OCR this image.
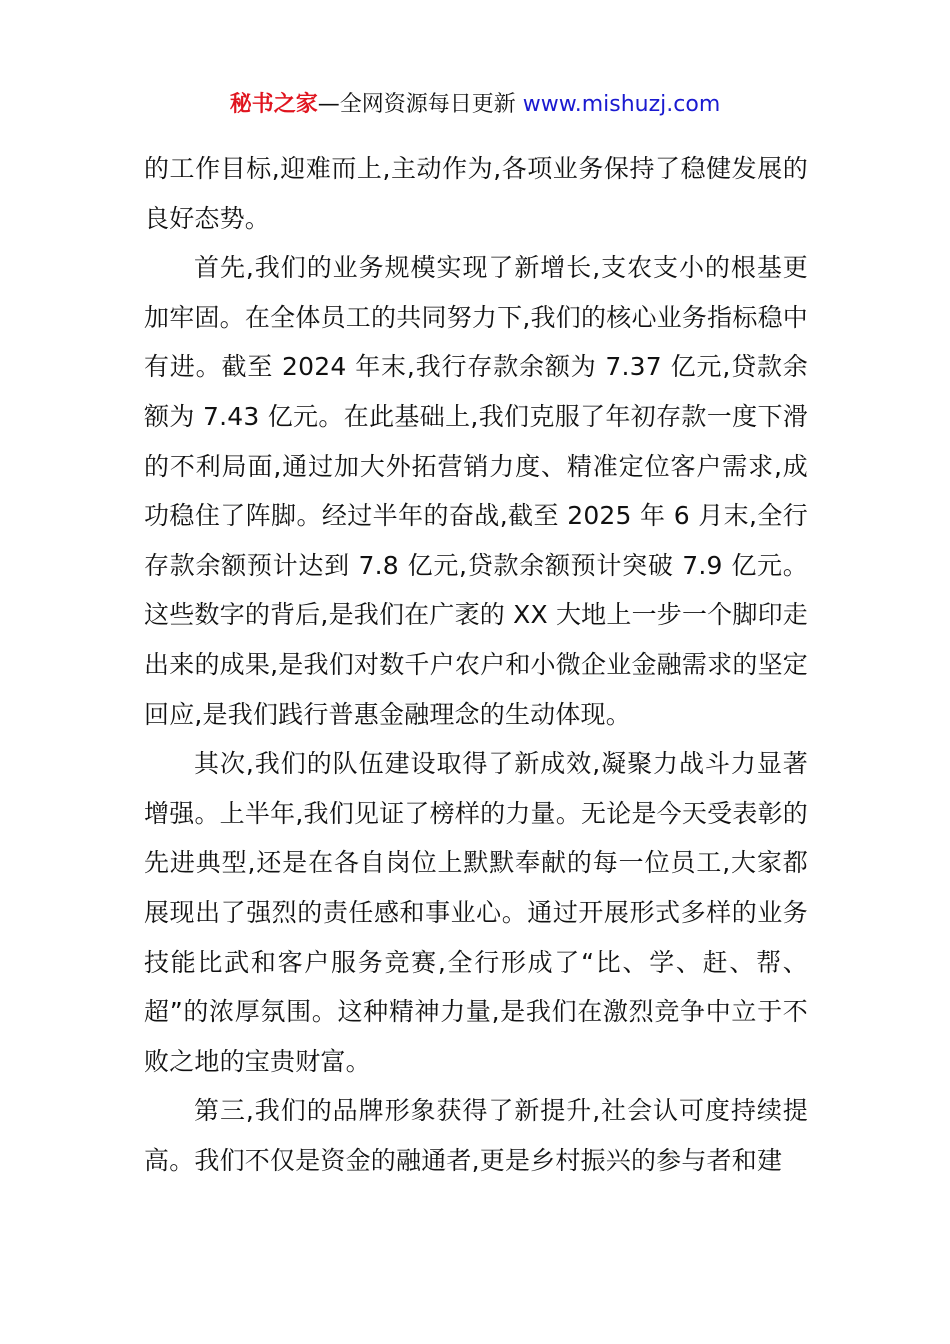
秘书之家—全网资源每日更新 www.mishuzj.com

的工作目标,迎难而上,主动作为,各项业务保持了稳健发展的良好态势。

首先,我们的业务规模实现了新增长,支农支小的根基更加牢固。在全体员工的共同努力下,我们的核心业务指标稳中有进。截至 2024 年末,我行存款余额为 7.37 亿元,贷款余额为 7.43 亿元。在此基础上,我们克服了年初存款一度下滑的不利局面,通过加大外拓营销力度、精准定位客户需求,成功稳住了阵脚。经过半年的奋战,截至 2025 年 6 月末,全行存款余额预计达到 7.8 亿元,贷款余额预计突破 7.9 亿元。这些数字的背后,是我们在广袤的 XX 大地上一步一个脚印走出来的成果,是我们对数千户农户和小微企业金融需求的坚定回应,是我们践行普惠金融理念的生动体现。

其次,我们的队伍建设取得了新成效,凝聚力战斗力显著增强。上半年,我们见证了榜样的力量。无论是今天受表彰的先进典型,还是在各自岗位上默默奉献的每一位员工,大家都展现出了强烈的责任感和事业心。通过开展形式多样的业务技能比武和客户服务竞赛,全行形成了“比、学、赶、帮、超”的浓厚氛围。这种精神力量,是我们在激烈竞争中立于不败之地的宝贵财富。

第三,我们的品牌形象获得了新提升,社会认可度持续提高。我们不仅是资金的融通者,更是乡村振兴的参与者和建
